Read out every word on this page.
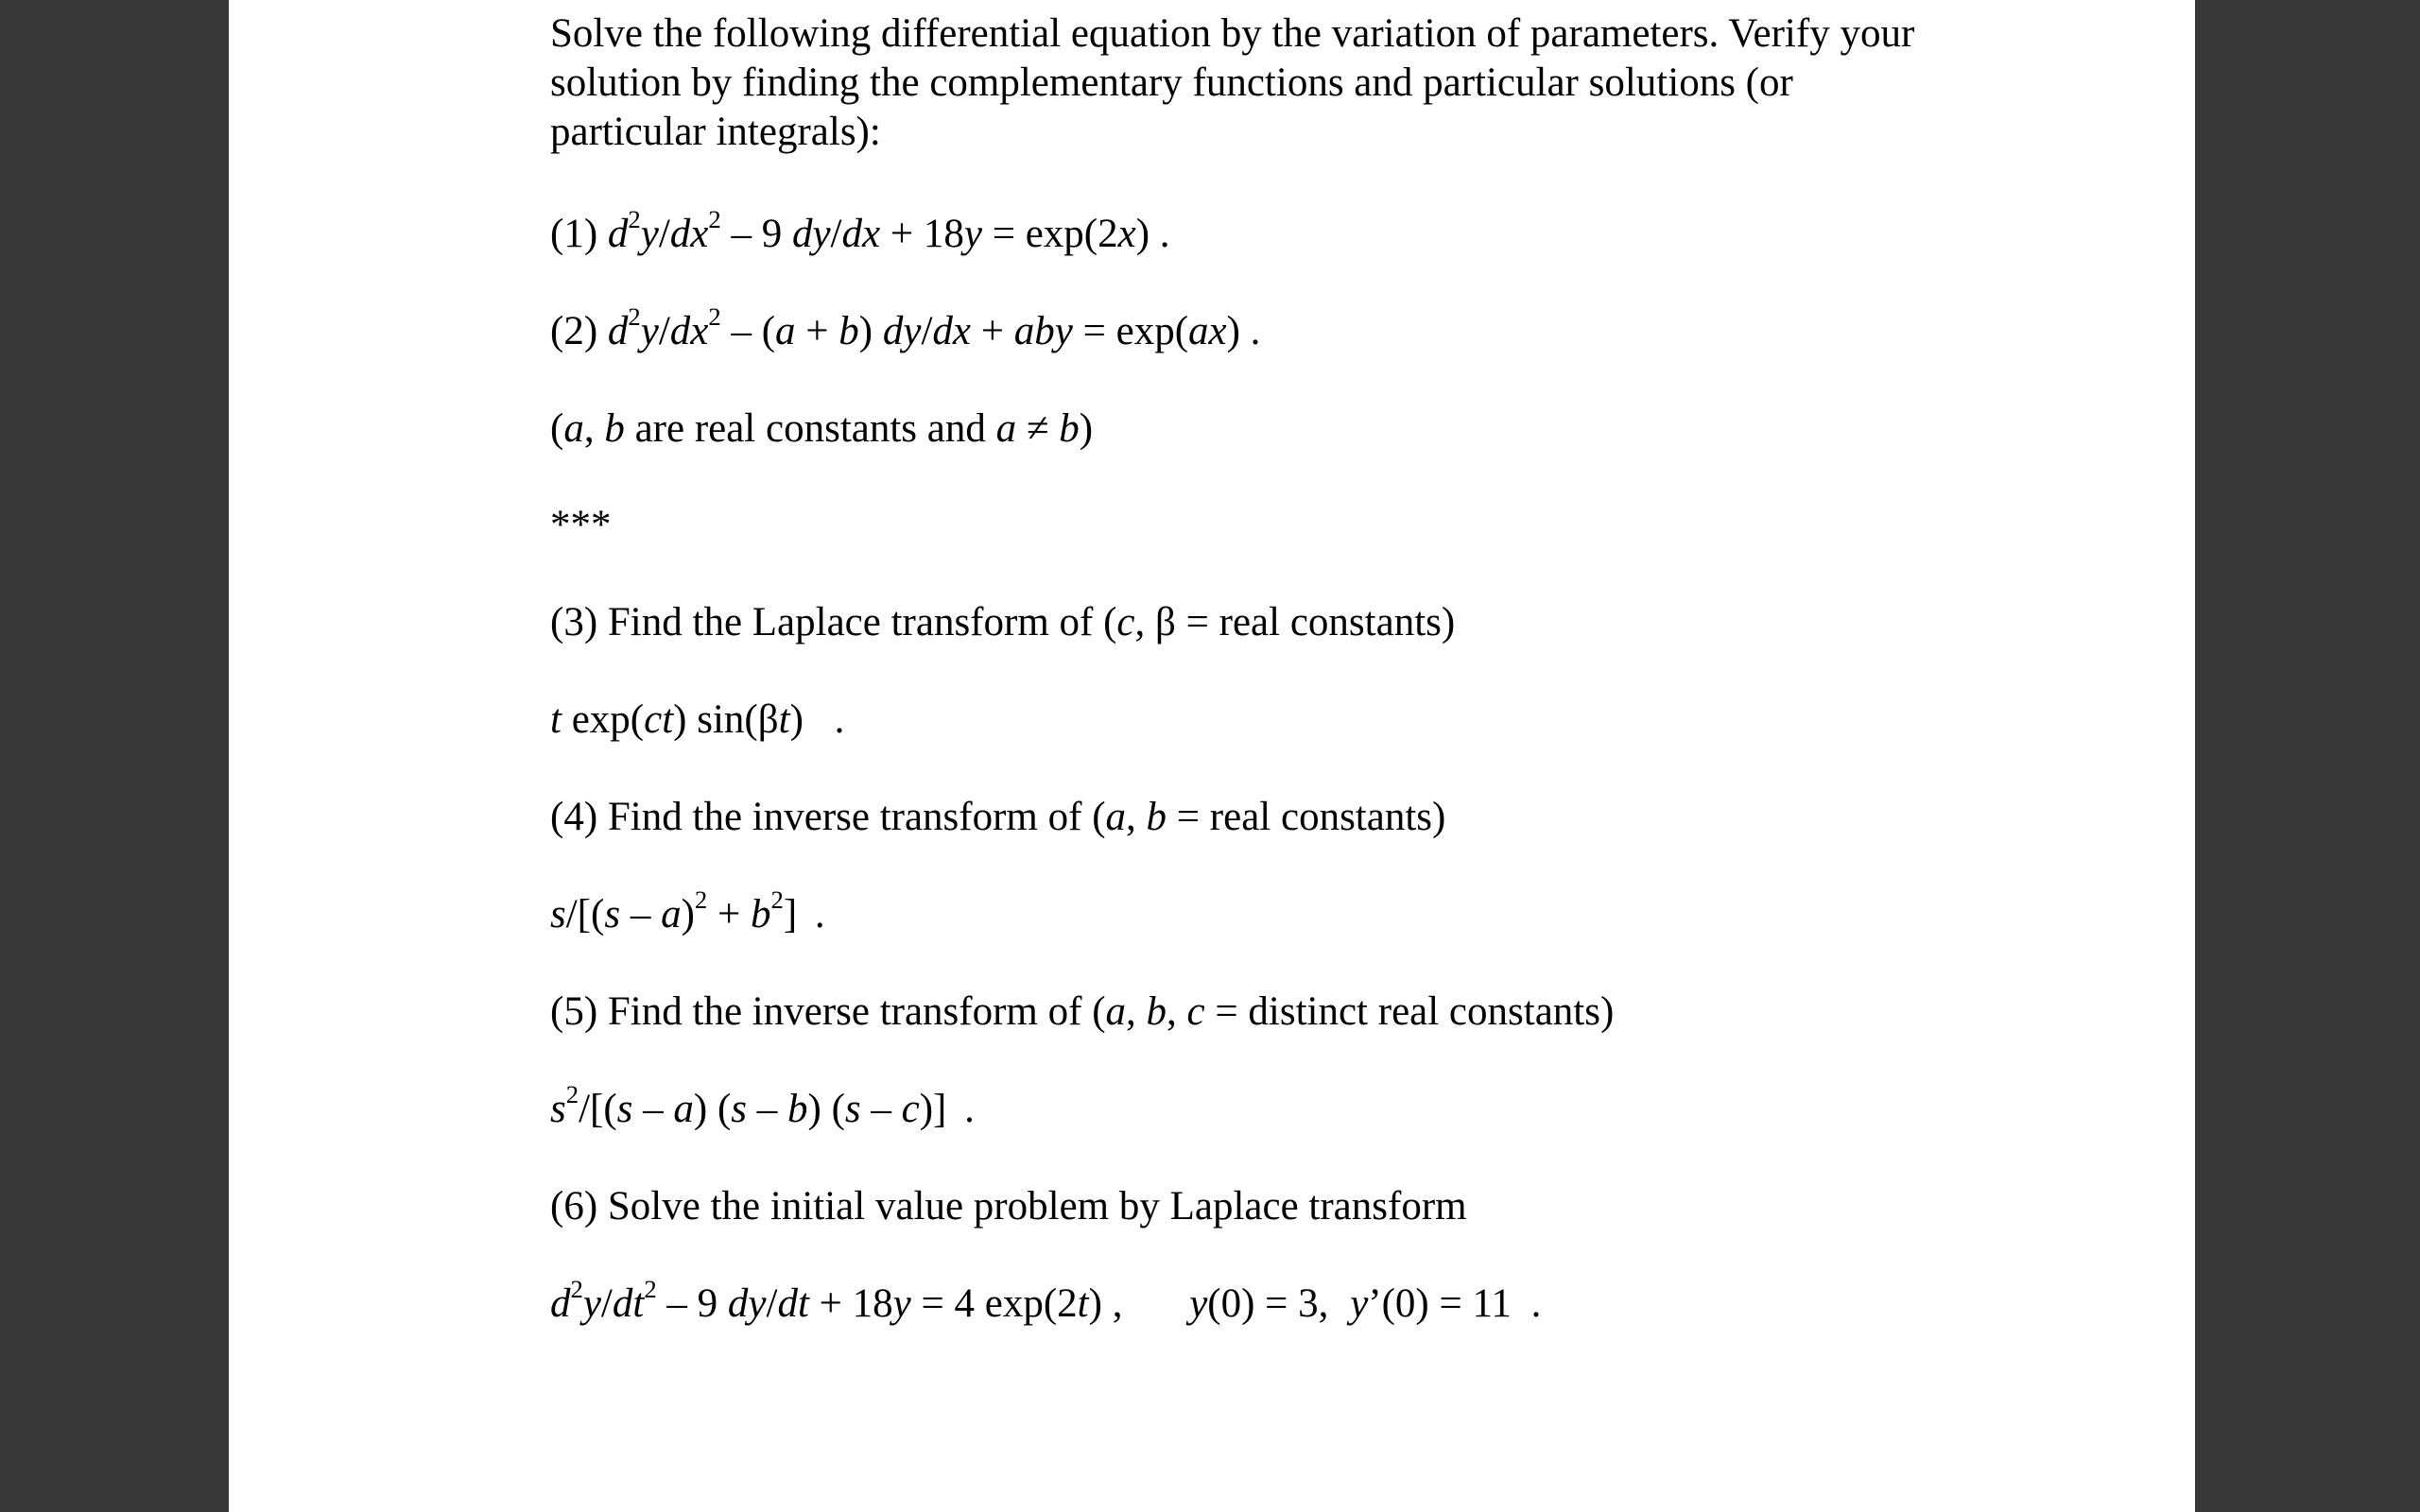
Solve the following differential equation by the variation of parameters. Verify your solution by finding the complementary functions and particular solutions (or particular integrals):

(1) $d^2y/dx^2 - 9$ dy/dx + 18y = exp(2x) .
(2) $d^2y/dx^2 - (a + b) dy/dx$ + aby = exp(ax) .
(a, b are real constants and a ≠ b)
***
(3) Find the Laplace transform of (c, β = real constants)
t exp(ct) sin(βt) .
(4) Find the inverse transform of (a, b = real constants)
$s/[(s - a)^2 + b^2]$ .
(5) Find the inverse transform of (a, b, c = distinct real constants)
$s^2/[(s - a)$ (s – b) (s – c)] .
(6) Solve the initial value problem by Laplace transform
$d^2y/dt^2 - 9$ dy/dt + 18y = 4 exp(2t) , y(0) = 3, y’(0) = 11 .
